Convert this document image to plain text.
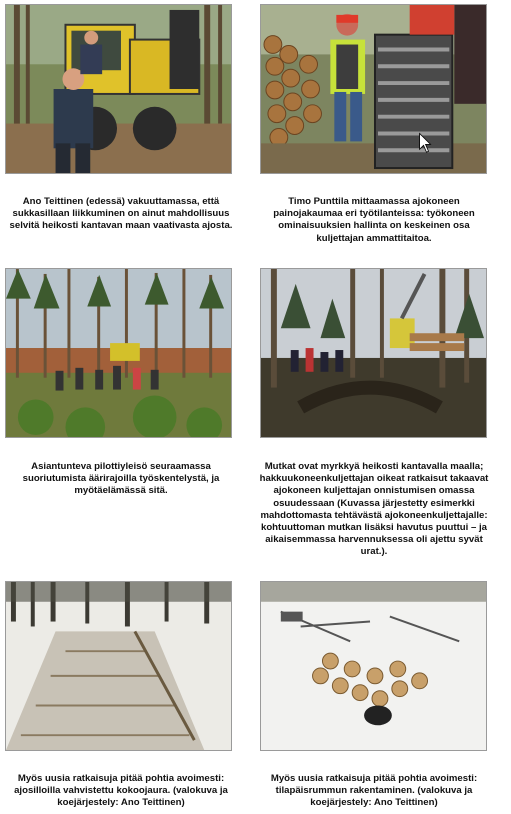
Ano Teittinen (edessä) vakuuttamassa, että sukkasillaan liikkuminen on ainut mahdollisuus selvitä heikosti kantavan maan vaativasta ajosta.
Timo Punttila mittaamassa ajokoneen painojakaumaa eri työtilanteissa: työkoneen ominaisuuksien hallinta on keskeinen osa kuljettajan ammattitaitoa.
Asiantunteva pilottiyleisö seuraamassa suoriutumista äärirajoilla työskentelystä, ja myötäelämässä sitä.
Mutkat ovat myrkkyä heikosti kantavalla maalla; hakkuukoneenkuljettajan oikeat ratkaisut takaavat ajokoneen kuljettajan onnistumisen omassa osuudessaan (Kuvassa järjestetty esimerkki mahdottomasta tehtävästä ajokoneenkuljettajalle: kohtuuttoman mutkan lisäksi havutus puuttui – ja aikaisemmassa harvennuksessa oli ajettu syvät urat.).
Myös uusia ratkaisuja pitää pohtia avoimesti: ajosilloilla vahvistettu kokoojaura. (valokuva ja koejärjestely: Ano Teittinen)
Myös uusia ratkaisuja pitää pohtia avoimesti: tilapäisrummun rakentaminen. (valokuva ja koejärjestely: Ano Teittinen)
